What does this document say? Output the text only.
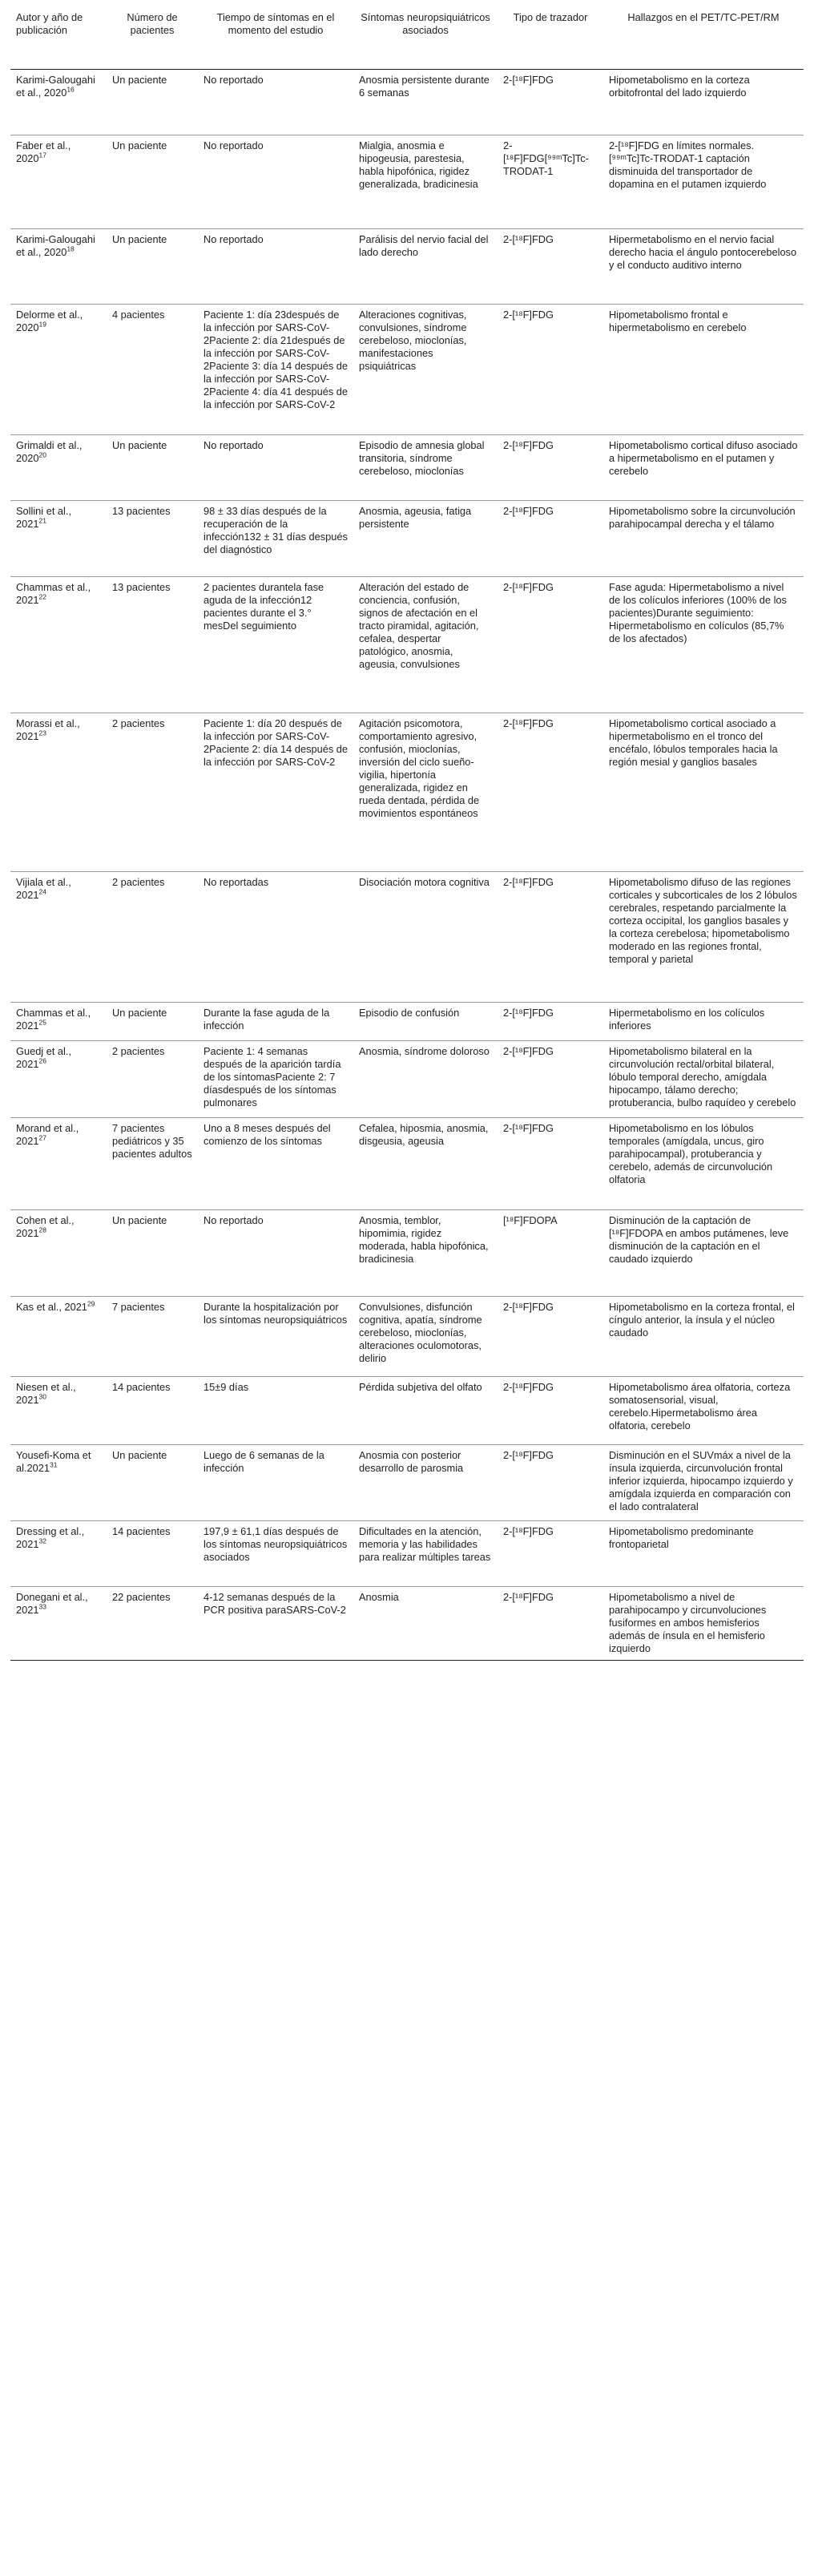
Autor y año de publicación	Número de pacientes	Tiempo de síntomas en el momento del estudio	Síntomas neuropsiquiátricos asociados	Tipo de trazador	Hallazgos en el PET/TC-PET/RM
Karimi-Galougahi et al., 2020$^{16}$	Un paciente	No reportado	Anosmia persistente durante 6 semanas	2-[¹⁸F]FDG	Hipometabolismo en la corteza orbitofrontal del lado izquierdo
Faber et al., 2020$^{17}$	Un paciente	No reportado	Mialgia, anosmia e hipogeusia, parestesia, habla hipofónica, rigidez generalizada, bradicinesia	2-[¹⁸F]FDG[⁹⁹ᵐTc]Tc-TRODAT-1	2-[¹⁸F]FDG en límites normales.[⁹⁹ᵐTc]Tc-TRODAT-1 captación disminuida del transportador de dopamina en el putamen izquierdo
Karimi-Galougahi et al., 2020$^{18}$	Un paciente	No reportado	Parálisis del nervio facial del lado derecho	2-[¹⁸F]FDG	Hipermetabolismo en el nervio facial derecho hacia el ángulo pontocerebeloso y el conducto auditivo interno
Delorme et al., 2020$^{19}$	4 pacientes	Paciente 1: día 23después de la infección por SARS-CoV-2Paciente 2: día 21después de la infección por SARS-CoV-2Paciente 3: día 14 después de la infección por SARS-CoV-2Paciente 4: día 41 después de la infección por SARS-CoV-2	Alteraciones cognitivas, convulsiones, síndrome cerebeloso, mioclonías, manifestaciones psiquiátricas	2-[¹⁸F]FDG	Hipometabolismo frontal e hipermetabolismo en cerebelo
Grimaldi et al., 2020$^{20}$	Un paciente	No reportado	Episodio de amnesia global transitoria, síndrome cerebeloso, mioclonías	2-[¹⁸F]FDG	Hipometabolismo cortical difuso asociado a hipermetabolismo en el putamen y cerebelo
Sollini et al., 2021$^{21}$	13 pacientes	98 ± 33 días después de la recuperación de la infección132 ± 31 días después del diagnóstico	Anosmia, ageusia, fatiga persistente	2-[¹⁸F]FDG	Hipometabolismo sobre la circunvolución parahipocampal derecha y el tálamo
Chammas et al., 2021$^{22}$	13 pacientes	2 pacientes durantela fase aguda de la infección12 pacientes durante el 3.° mesDel seguimiento	Alteración del estado de conciencia, confusión, signos de afectación en el tracto piramidal, agitación, cefalea, despertar patológico, anosmia, ageusia, convulsiones	2-[¹⁸F]FDG	Fase aguda: Hipermetabolismo a nivel de los colículos inferiores (100% de los pacientes)Durante seguimiento: Hipermetabolismo en colículos (85,7% de los afectados)
Morassi et al., 2021$^{23}$	2 pacientes	Paciente 1: día 20 después de la infección por SARS-CoV-2Paciente 2: día 14 después de la infección por SARS-CoV-2	Agitación psicomotora, comportamiento agresivo, confusión, mioclonías, inversión del ciclo sueño-vigilia, hipertonía generalizada, rigidez en rueda dentada, pérdida de movimientos espontáneos	2-[¹⁸F]FDG	Hipometabolismo cortical asociado a hipermetabolismo en el tronco del encéfalo, lóbulos temporales hacia la región mesial y ganglios basales
Vijiala et al., 2021$^{24}$	2 pacientes	No reportadas	Disociación motora cognitiva	2-[¹⁸F]FDG	Hipometabolismo difuso de las regiones corticales y subcorticales de los 2 lóbulos cerebrales, respetando parcialmente la corteza occipital, los ganglios basales y la corteza cerebelosa; hipometabolismo moderado en las regiones frontal, temporal y parietal
Chammas et al., 2021$^{25}$	Un paciente	Durante la fase aguda de la infección	Episodio de confusión	2-[¹⁸F]FDG	Hipermetabolismo en los colículos inferiores
Guedj et al., 2021$^{26}$	2 pacientes	Paciente 1: 4 semanas después de la aparición tardía de los síntomasPaciente 2: 7 díasdespués de los síntomas pulmonares	Anosmia, síndrome doloroso	2-[¹⁸F]FDG	Hipometabolismo bilateral en la circunvolución rectal/orbital bilateral, lóbulo temporal derecho, amígdala hipocampo, tálamo derecho; protuberancia, bulbo raquídeo y cerebelo
Morand et al., 2021$^{27}$	7 pacientes pediátricos y 35 pacientes adultos	Uno a 8 meses después del comienzo de los síntomas	Cefalea, hiposmia, anosmia, disgeusia, ageusia	2-[¹⁸F]FDG	Hipometabolismo en los lóbulos temporales (amígdala, uncus, giro parahipocampal), protuberancia y cerebelo, además de circunvolución olfatoria
Cohen et al., 2021$^{28}$	Un paciente	No reportado	Anosmia, temblor, hipomimia, rigidez moderada, habla hipofónica, bradicinesia	[¹⁸F]FDOPA	Disminución de la captación de [¹⁸F]FDOPA en ambos putámenes, leve disminución de la captación en el caudado izquierdo
Kas et al., 2021$^{29}$	7 pacientes	Durante la hospitalización por los síntomas neuropsiquiátricos	Convulsiones, disfunción cognitiva, apatía, síndrome cerebeloso, mioclonías, alteraciones oculomotoras, delirio	2-[¹⁸F]FDG	Hipometabolismo en la corteza frontal, el cíngulo anterior, la ínsula y el núcleo caudado
Niesen et al., 2021$^{30}$	14 pacientes	15±9 días	Pérdida subjetiva del olfato	2-[¹⁸F]FDG	Hipometabolismo área olfatoria, corteza somatosensorial, visual, cerebelo.Hipermetabolismo área olfatoria, cerebelo
Yousefi-Koma et al.2021$^{31}$	Un paciente	Luego de 6 semanas de la infección	Anosmia con posterior desarrollo de parosmia	2-[¹⁸F]FDG	Disminución en el SUVmáx a nivel de la ínsula izquierda, circunvolución frontal inferior izquierda, hipocampo izquierdo y amígdala izquierda en comparación con el lado contralateral
Dressing et al., 2021$^{32}$	14 pacientes	197,9 ± 61,1 días después de los síntomas neuropsiquiátricos asociados	Dificultades en la atención, memoria y las habilidades para realizar múltiples tareas	2-[¹⁸F]FDG	Hipometabolismo predominante frontoparietal
Donegani et al., 2021$^{33}$	22 pacientes	4-12 semanas después de la PCR positiva paraSARS-CoV-2	Anosmia	2-[¹⁸F]FDG	Hipometabolismo a nivel de parahipocampo y circunvoluciones fusiformes en ambos hemisferios además de ínsula en el hemisferio izquierdo
